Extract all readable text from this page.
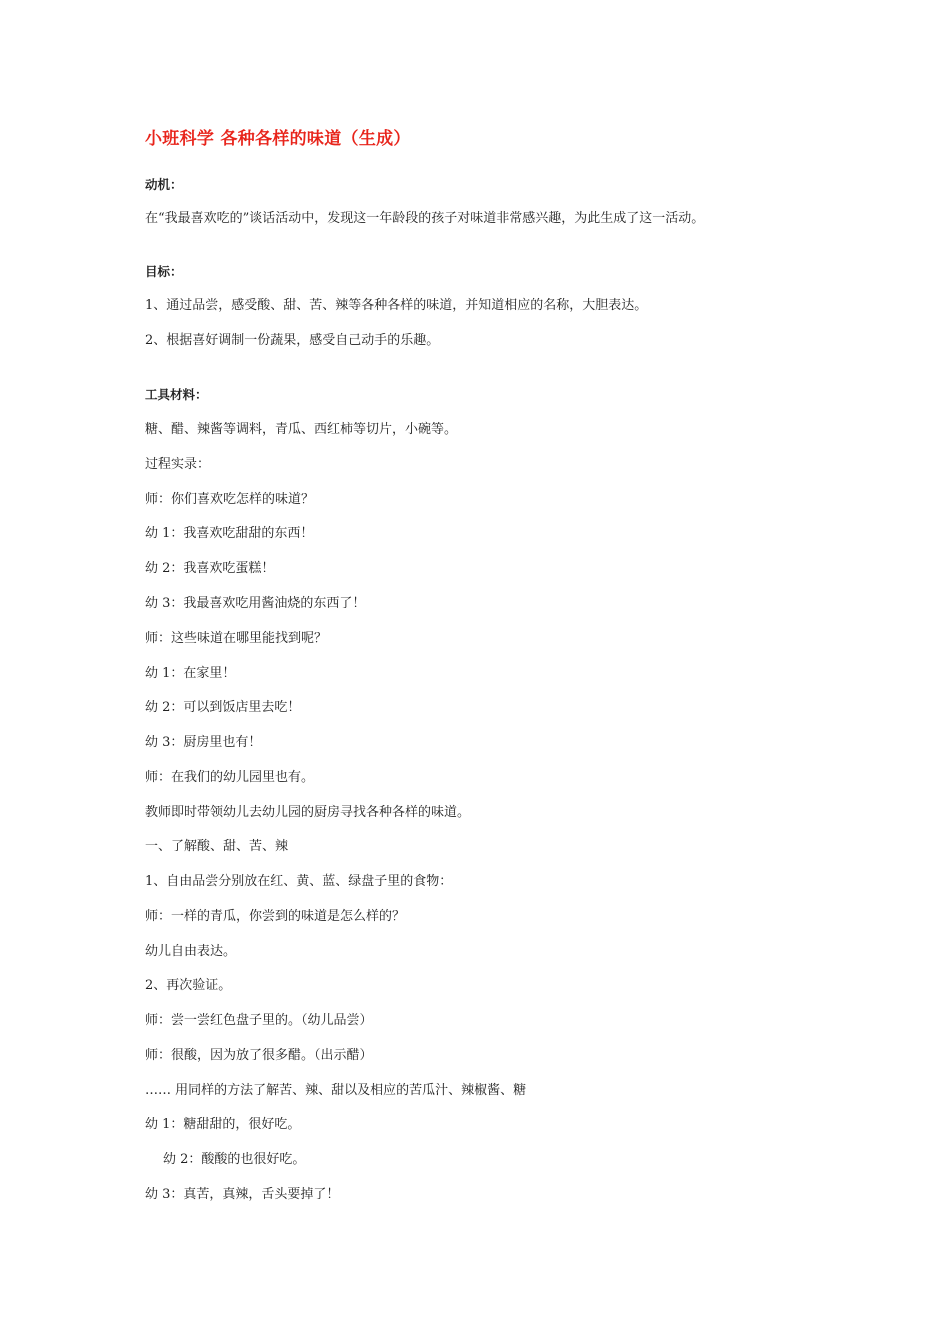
小班科学 各种各样的味道（生成）
动机：
在“我最喜欢吃的”谈话活动中，发现这一年龄段的孩子对味道非常感兴趣，为此生成了这一活动。
目标：
1、通过品尝，感受酸、甜、苦、辣等各种各样的味道，并知道相应的名称，大胆表达。
2、根据喜好调制一份蔬果，感受自己动手的乐趣。
工具材料：
糖、醋、辣酱等调料，青瓜、西红柿等切片，小碗等。
过程实录：
师：你们喜欢吃怎样的味道？
幼 1：我喜欢吃甜甜的东西！
幼 2：我喜欢吃蛋糕！
幼 3：我最喜欢吃用酱油烧的东西了！
师：这些味道在哪里能找到呢？
幼 1：在家里！
幼 2：可以到饭店里去吃！
幼 3：厨房里也有！
师：在我们的幼儿园里也有。
教师即时带领幼儿去幼儿园的厨房寻找各种各样的味道。
一、了解酸、甜、苦、辣
1、自由品尝分别放在红、黄、蓝、绿盘子里的食物：
师：一样的青瓜，你尝到的味道是怎么样的？
幼儿自由表达。
2、再次验证。
师：尝一尝红色盘子里的。（幼儿品尝）
师：很酸，因为放了很多醋。（出示醋）
…… 用同样的方法了解苦、辣、甜以及相应的苦瓜汁、辣椒酱、糖
幼 1：糖甜甜的，很好吃。
幼 2：酸酸的也很好吃。
幼 3：真苦，真辣，舌头要掉了！
